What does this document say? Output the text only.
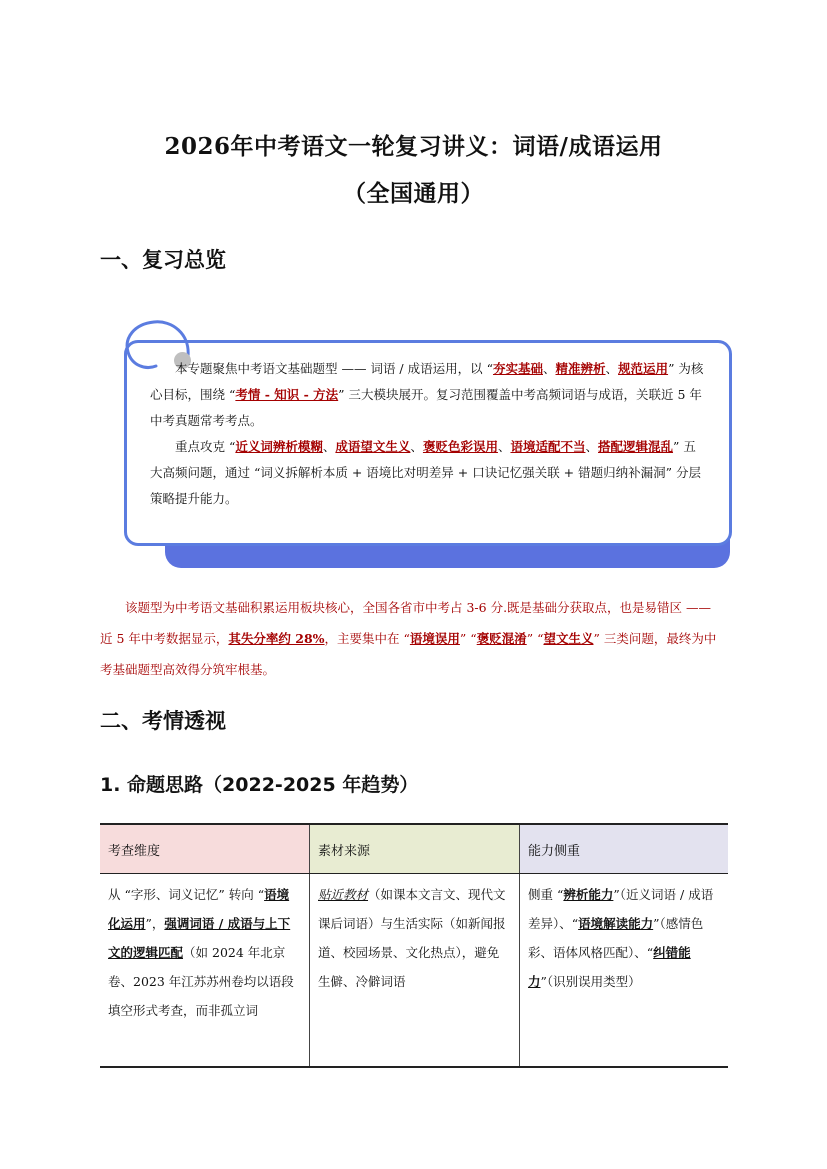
2026年中考语文一轮复习讲义：词语/成语运用
（全国通用）
一、复习总览

本专题聚焦中考语文基础题型 —— 词语 / 成语运用，以 “夯实基础、精准辨析、规范运用” 为核心目标，围绕 “考情 - 知识 - 方法” 三大模块展开。复习范围覆盖中考高频词语与成语，关联近 5 年中考真题常考考点。

重点攻克 “近义词辨析模糊、成语望文生义、褒贬色彩误用、语境适配不当、搭配逻辑混乱” 五大高频问题，通过 “词义拆解析本质 + 语境比对明差异 + 口诀记忆强关联 + 错题归纳补漏洞” 分层策略提升能力。

该题型为中考语文基础积累运用板块核心，全国各省市中考占 3-6 分.既是基础分获取点，也是易错区 —— 近 5 年中考数据显示，其失分率约 28%，主要集中在 “语境误用” “褒贬混淆” “望文生义” 三类问题，最终为中考基础题型高效得分筑牢根基。
二、考情透视
1. 命题思路（2022-2025 年趋势）
考查维度	素材来源	能力侧重
从 “字形、词义记忆” 转向 “语境化运用”，强调词语 / 成语与上下文的逻辑匹配（如 2024 年北京卷、2023 年江苏苏州卷均以语段填空形式考查，而非孤立词	贴近教材（如课本文言文、现代文课后词语）与生活实际（如新闻报道、校园场景、文化热点），避免生僻、冷僻词语	侧重 “辨析能力”（近义词语 / 成语差异）、“语境解读能力”（感情色彩、语体风格匹配）、“纠错能力”（识别误用类型）
